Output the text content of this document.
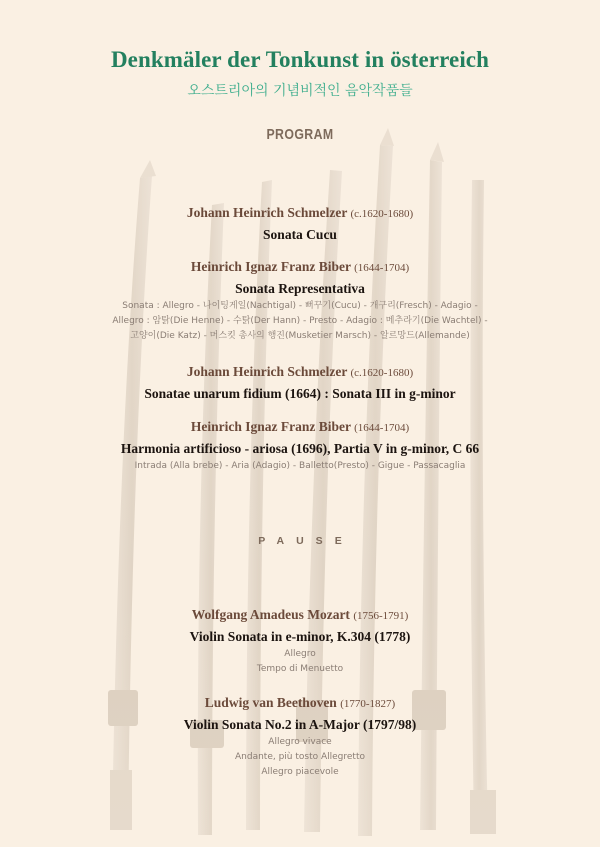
Denkmäler der Tonkunst in österreich
오스트리아의 기념비적인 음악작품들
PROGRAM
Johann Heinrich Schmelzer (c.1620-1680)
Sonata Cucu
Heinrich Ignaz Franz Biber (1644-1704)
Sonata Representativa
Sonata : Allegro - 나이팅게일(Nachtigal) - 뻐꾸기(Cucu) - 개구리(Fresch) - Adagio -
Allegro : 암탉(Die Henne) - 수탉(Der Hann) - Presto - Adagio : 메추라기(Die Wachtel) -
고양이(Die Katz) - 머스킷 총사의 행진(Musketier Marsch) - 알르망드(Allemande)
Johann Heinrich Schmelzer (c.1620-1680)
Sonatae unarum fidium (1664) : Sonata III in g-minor
Heinrich Ignaz Franz Biber (1644-1704)
Harmonia artificioso - ariosa (1696), Partia V in g-minor, C 66
Intrada (Alla brebe) - Aria (Adagio) - Balletto(Presto) - Gigue - Passacaglia
PAUSE
Wolfgang Amadeus Mozart (1756-1791)
Violin Sonata in e-minor, K.304 (1778)
Allegro
Tempo di Menuetto
Ludwig van Beethoven (1770-1827)
Violin Sonata No.2 in A-Major (1797/98)
Allegro vivace
Andante, più tosto Allegretto
Allegro piacevole
